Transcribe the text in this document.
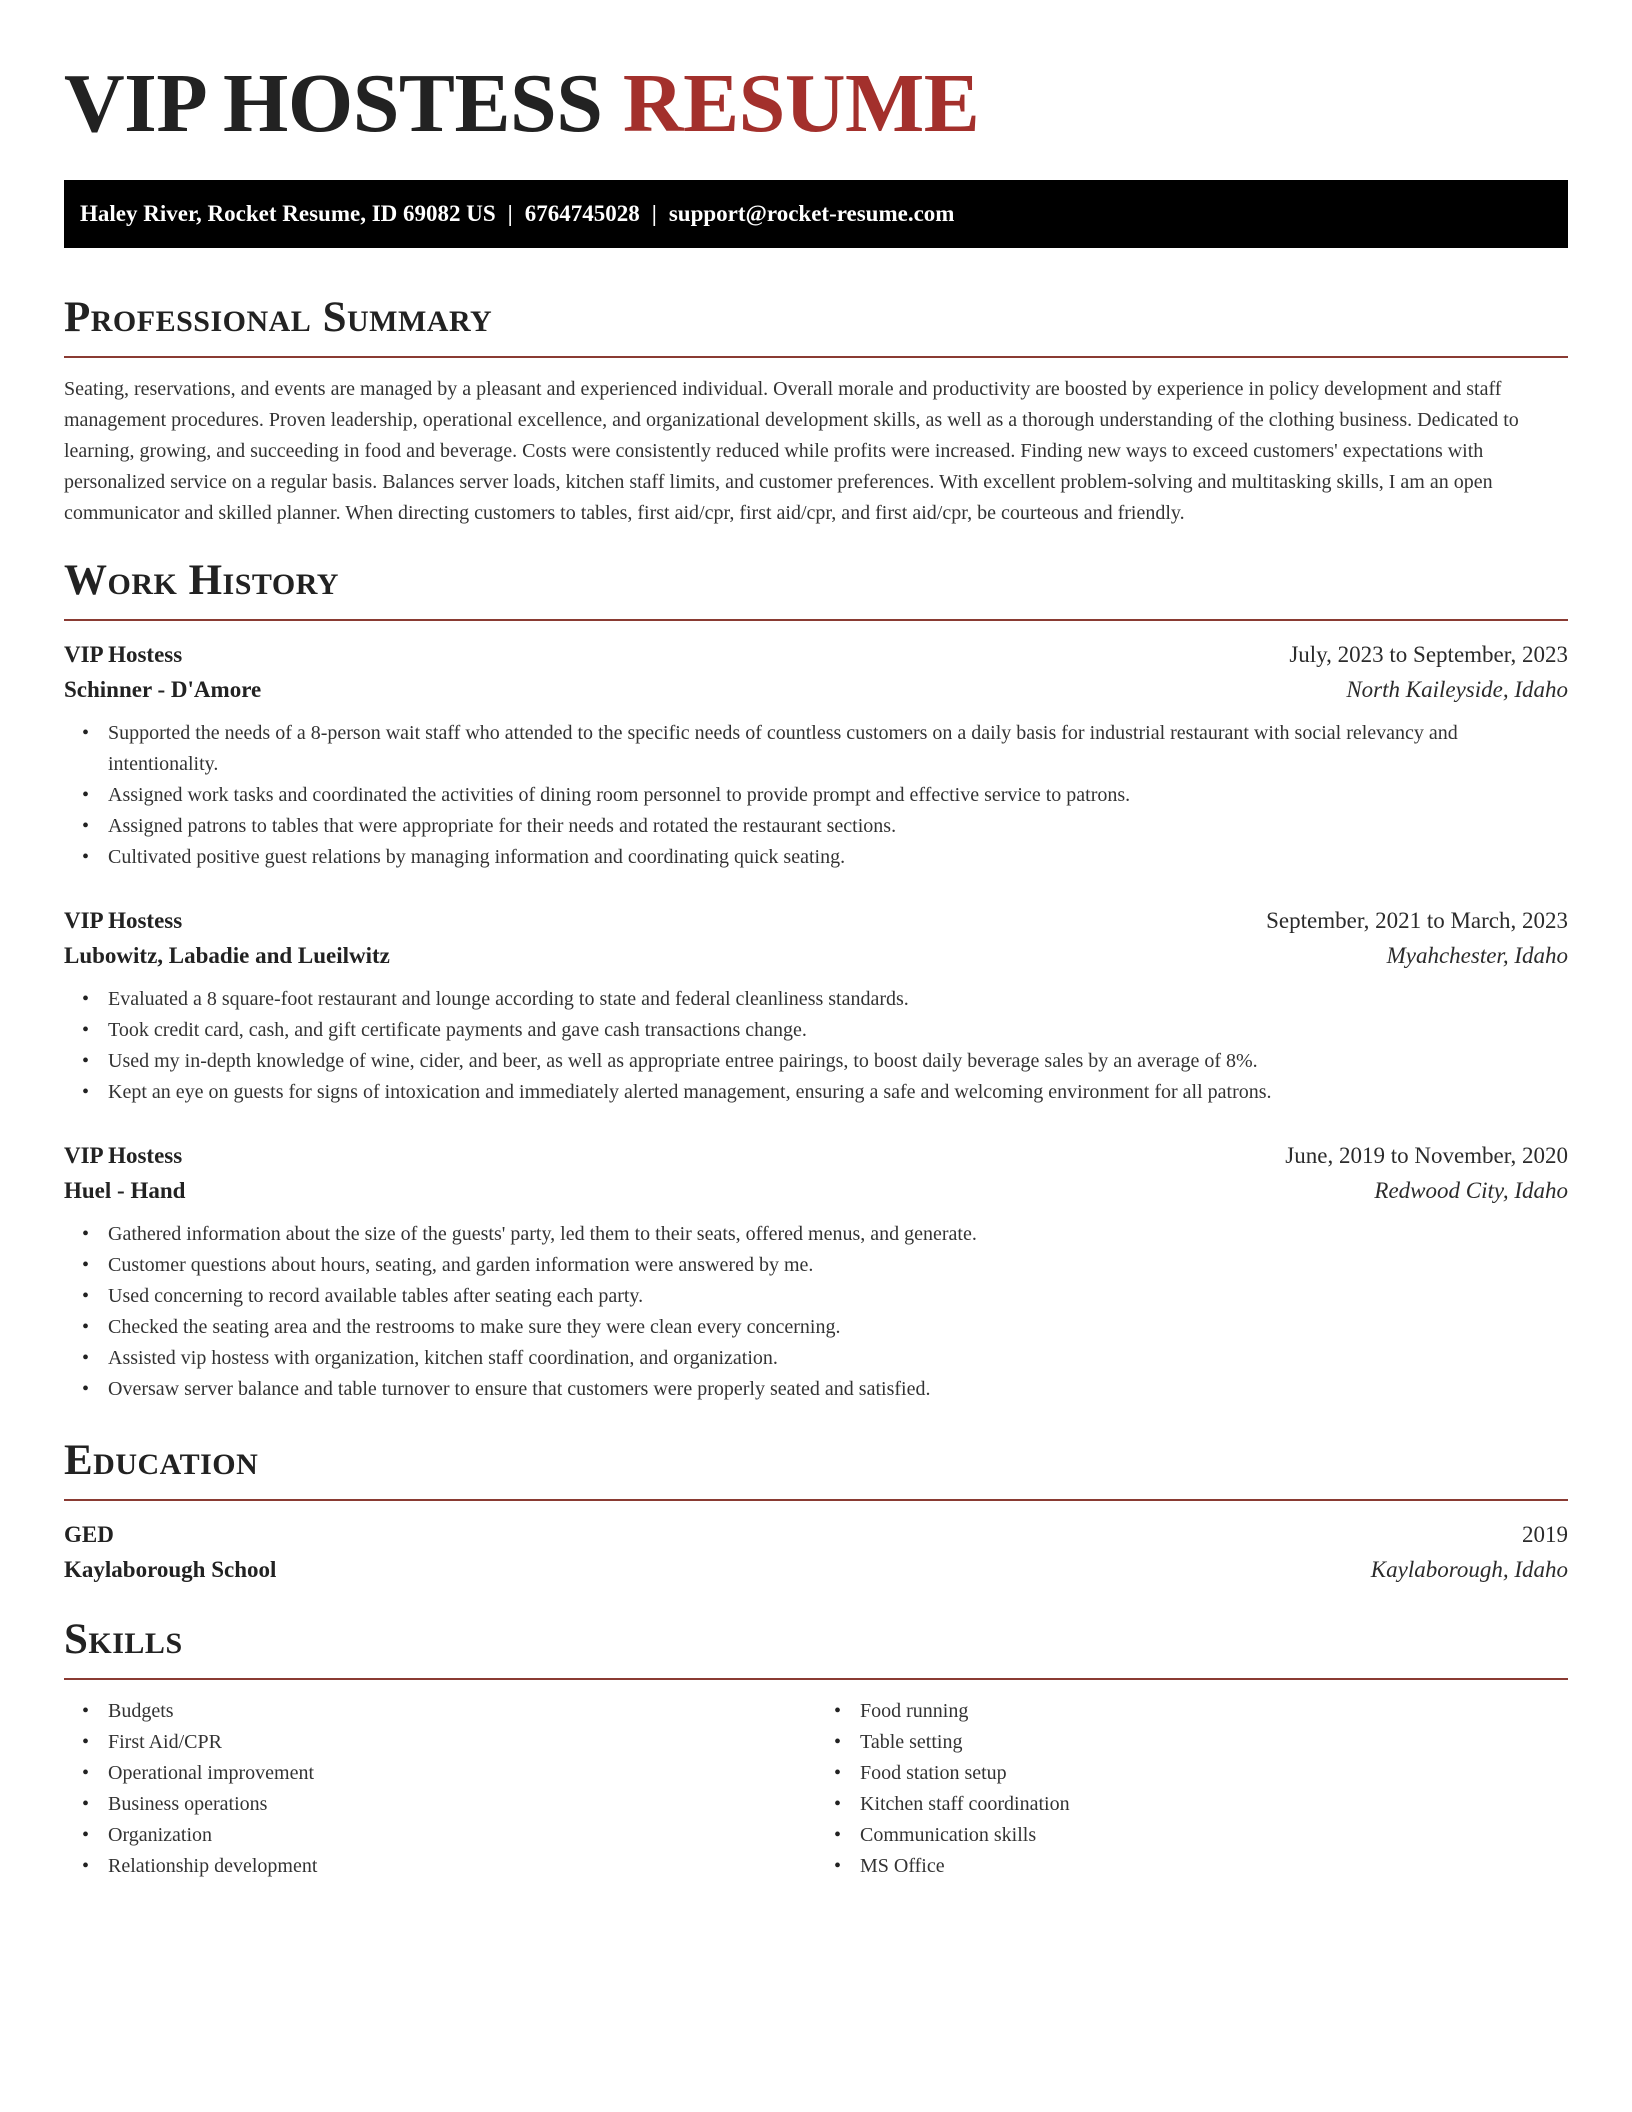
VIP HOSTESS RESUME
Haley River, Rocket Resume, ID 69082 US | 6764745028 | support@rocket-resume.com
Professional Summary

Seating, reservations, and events are managed by a pleasant and experienced individual. Overall morale and productivity are boosted by experience in policy development and staff management procedures. Proven leadership, operational excellence, and organizational development skills, as well as a thorough understanding of the clothing business. Dedicated to learning, growing, and succeeding in food and beverage. Costs were consistently reduced while profits were increased. Finding new ways to exceed customers' expectations with personalized service on a regular basis. Balances server loads, kitchen staff limits, and customer preferences. With excellent problem-solving and multitasking skills, I am an open communicator and skilled planner. When directing customers to tables, first aid/cpr, first aid/cpr, and first aid/cpr, be courteous and friendly.

Work History
VIP Hostess	July, 2023 to September, 2023
Schinner - D'Amore	North Kaileyside, Idaho
• Supported the needs of a 8-person wait staff who attended to the specific needs of countless customers on a daily basis for industrial restaurant with social relevancy and intentionality.
• Assigned work tasks and coordinated the activities of dining room personnel to provide prompt and effective service to patrons.
• Assigned patrons to tables that were appropriate for their needs and rotated the restaurant sections.
• Cultivated positive guest relations by managing information and coordinating quick seating.
VIP Hostess	September, 2021 to March, 2023
Lubowitz, Labadie and Lueilwitz	Myahchester, Idaho
• Evaluated a 8 square-foot restaurant and lounge according to state and federal cleanliness standards.
• Took credit card, cash, and gift certificate payments and gave cash transactions change.
• Used my in-depth knowledge of wine, cider, and beer, as well as appropriate entree pairings, to boost daily beverage sales by an average of 8%.
• Kept an eye on guests for signs of intoxication and immediately alerted management, ensuring a safe and welcoming environment for all patrons.
VIP Hostess	June, 2019 to November, 2020
Huel - Hand	Redwood City, Idaho
• Gathered information about the size of the guests' party, led them to their seats, offered menus, and generate.
• Customer questions about hours, seating, and garden information were answered by me.
• Used concerning to record available tables after seating each party.
• Checked the seating area and the restrooms to make sure they were clean every concerning.
• Assisted vip hostess with organization, kitchen staff coordination, and organization.
• Oversaw server balance and table turnover to ensure that customers were properly seated and satisfied.
Education
GED	2019
Kaylaborough School	Kaylaborough, Idaho
Skills
• Budgets
• First Aid/CPR
• Operational improvement
• Business operations
• Organization
• Relationship development
• Food running
• Table setting
• Food station setup
• Kitchen staff coordination
• Communication skills
• MS Office
